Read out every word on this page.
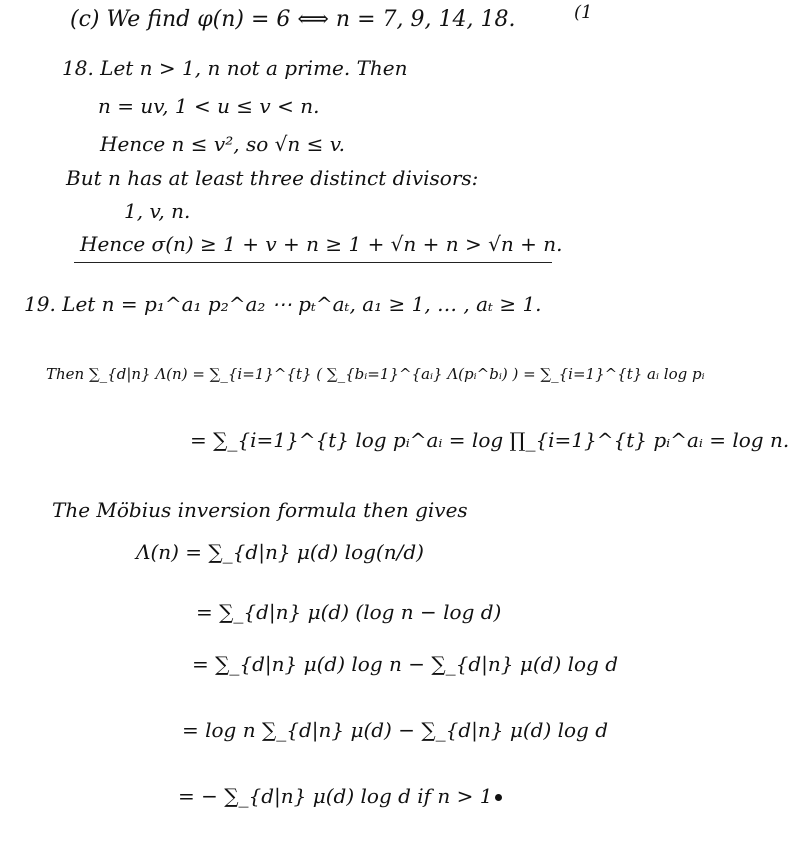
(1
(c) We find φ(n) = 6 ⟺ n = 7, 9, 14, 18.
18. Let n > 1, n not a prime. Then
n = uv, 1 < u ≤ v < n.
Hence n ≤ v², so √n ≤ v.
But n has at least three distinct divisors:
1, v, n.
Hence σ(n) ≥ 1 + v + n ≥ 1 + √n + n > √n + n.
19. Let n = p₁^a₁ p₂^a₂ ⋯ pₜ^aₜ, a₁ ≥ 1, … , aₜ ≥ 1.
Then ∑_{d|n} Λ(n) = ∑_{i=1}^{t} ( ∑_{bᵢ=1}^{aᵢ} Λ(pᵢ^bᵢ) ) = ∑_{i=1}^{t} aᵢ log pᵢ
= ∑_{i=1}^{t} log pᵢ^aᵢ = log ∏_{i=1}^{t} pᵢ^aᵢ = log n.
The Möbius inversion formula then gives
Λ(n) = ∑_{d|n} μ(d) log(n/d)
= ∑_{d|n} μ(d) (log n − log d)
= ∑_{d|n} μ(d) log n − ∑_{d|n} μ(d) log d
= log n ∑_{d|n} μ(d) − ∑_{d|n} μ(d) log d
= − ∑_{d|n} μ(d) log d if n > 1
